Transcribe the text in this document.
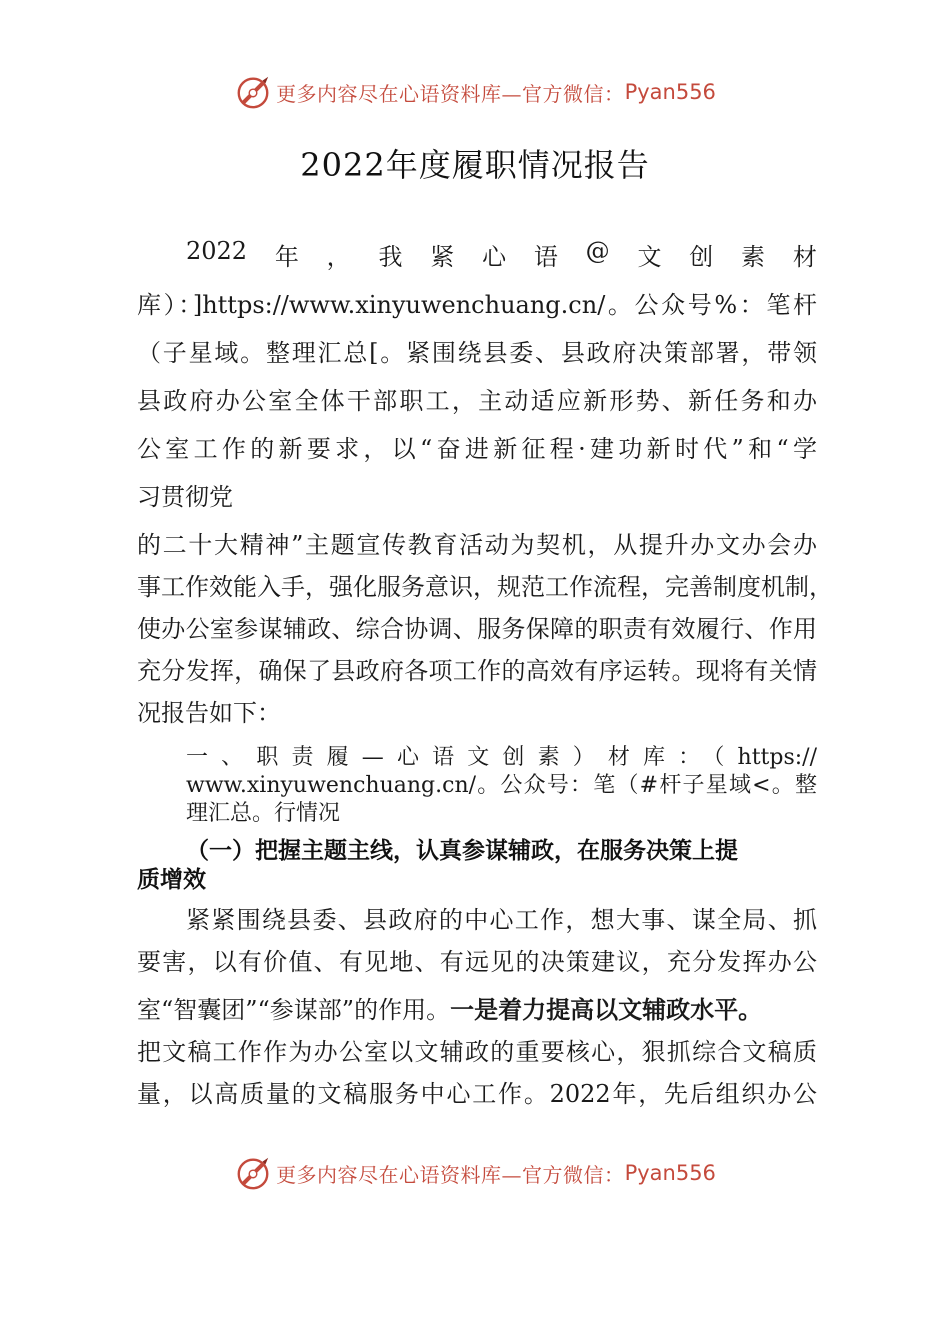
更多内容尽在心语资料库—官方微信： Pyan556
2022年度履职情况报告
2022 年 ， 我 紧 心 语 @ 文 创 素 材
库）：]https://www.xinyuwenchuang.cn/。公众号%：笔杆
（子星域。整理汇总[。紧围绕县委、县政府决策部署，带领
县政府办公室全体干部职工，主动适应新形势、新任务和办
公室工作的新要求，以“奋进新征程·建功新时代”和“学
习贯彻党
的二十大精神”主题宣传教育活动为契机，从提升办文办会办
事工作效能入手，强化服务意识，规范工作流程，完善制度机制，
使办公室参谋辅政、综合协调、服务保障的职责有效履行、作用
充分发挥，确保了县政府各项工作的高效有序运转。现将有关情
况报告如下：
一、职责履—心语文创素）材库：（https://
www.xinyuwenchuang.cn/。公众号：笔（#杆子星域<。整
理汇总。行情况
（一）把握主题主线，认真参谋辅政，在服务决策上提
质增效
紧紧围绕县委、县政府的中心工作，想大事、谋全局、抓
要害，以有价值、有见地、有远见的决策建议，充分发挥办公
室“智囊团”“参谋部”的作用。一是着力提高以文辅政水平。
把文稿工作作为办公室以文辅政的重要核心，狠抓综合文稿质
量，以高质量的文稿服务中心工作。2022年，先后组织办公
更多内容尽在心语资料库—官方微信： Pyan556
